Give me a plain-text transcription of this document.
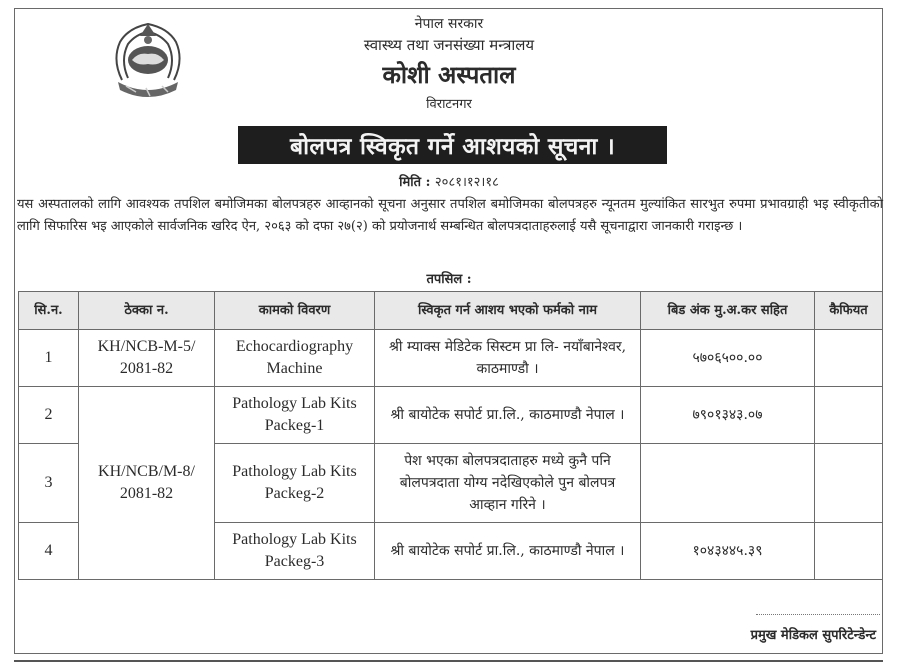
नेपाल सरकार
स्वास्थ्य तथा जनसंख्या मन्त्रालय
कोशी अस्पताल
विराटनगर
बोलपत्र स्विकृत गर्ने आशयको सूचना ।
मिति : २०८१।१२।१८
यस अस्पतालको लागि आवश्यक तपशिल बमोजिमका बोलपत्रहरु आव्हानको सूचना अनुसार तपशिल बमोजिमका बोलपत्रहरु न्यूनतम मुल्यांकित सारभुत रुपमा प्रभावग्राही भइ स्वीकृतीको लागि सिफारिस भइ आएकोले सार्वजनिक खरिद ऐन, २०६३ को दफा २७(२) को प्रयोजनार्थ सम्बन्धित बोलपत्रदाताहरुलाई यसै सूचनाद्वारा जानकारी गराइन्छ ।
तपसिल :
सि.न.	ठेक्का न.	कामको विवरण	स्विकृत गर्न आशय भएको फर्मको नाम	बिड अंक मु.अ.कर सहित	कैफियत
1	KH/NCB-M-5/ 2081-82	Echocardiography Machine	श्री म्याक्स मेडिटेक सिस्टम प्रा लि- नयाँबानेश्वर, काठमाण्डौ ।	५७०६५००.००	
2	KH/NCB/M-8/ 2081-82	Pathology Lab Kits Packeg-1	श्री बायोटेक सपोर्ट प्रा.लि., काठमाण्डौ नेपाल ।	७९०१३४३.०७	
3		Pathology Lab Kits Packeg-2	पेश भएका बोलपत्रदाताहरु मध्ये कुनै पनि बोलपत्रदाता योग्य नदेखिएकोले पुन बोलपत्र आव्हान गरिने ।		
4		Pathology Lab Kits Packeg-3	श्री बायोटेक सपोर्ट प्रा.लि., काठमाण्डौ नेपाल ।	१०४३४४५.३९	
प्रमुख मेडिकल सुपरिटेन्डेन्ट
